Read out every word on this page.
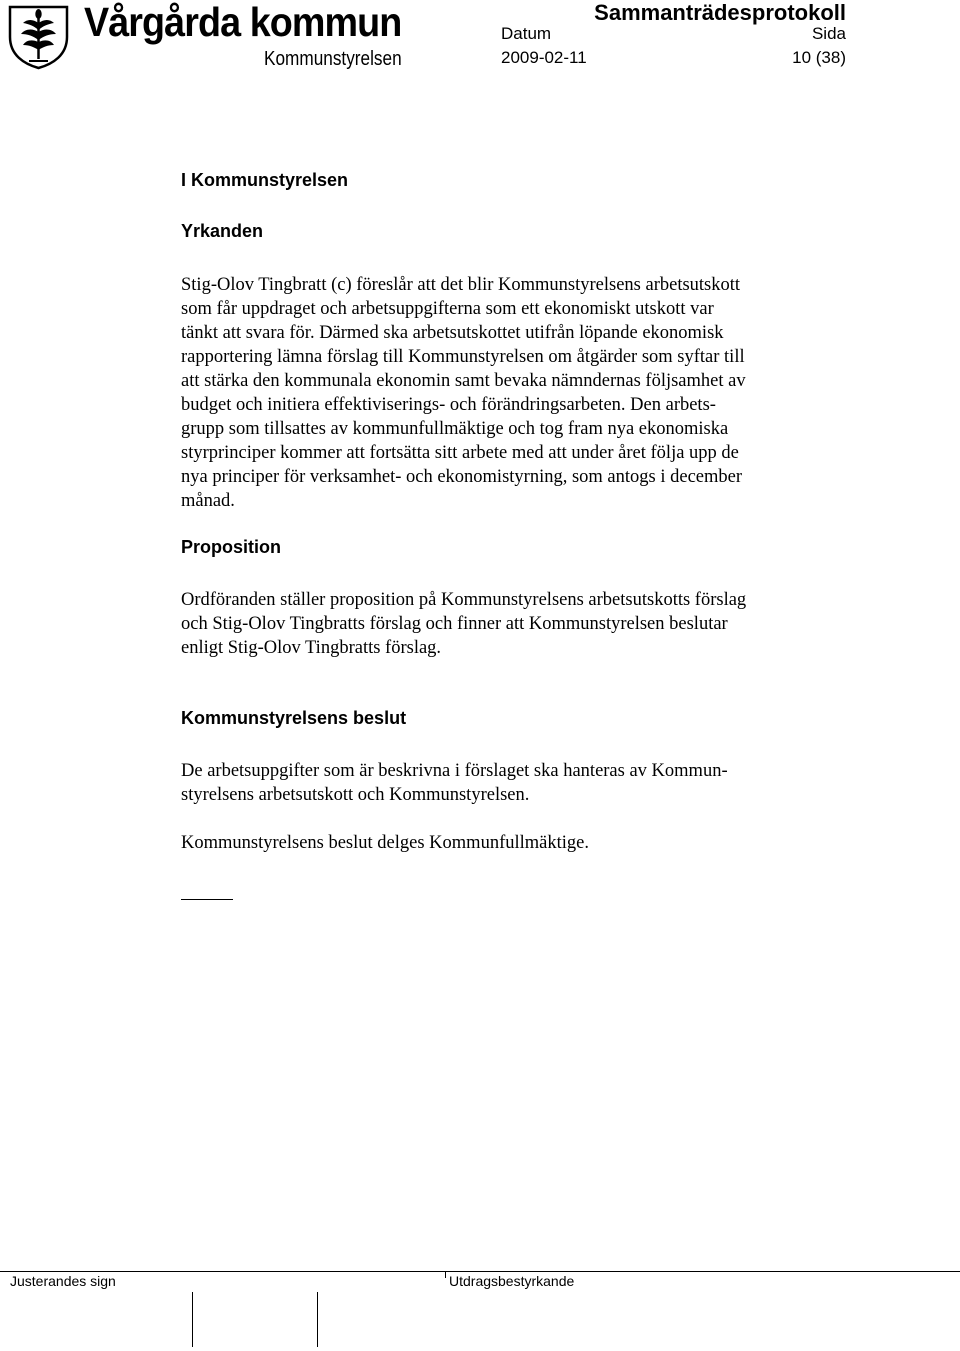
Vårgårda kommun
Kommunstyrelsen
Sammanträdesprotokoll
Datum
2009-02-11
Sida
10 (38)
I Kommunstyrelsen
Yrkanden
Stig-Olov Tingbratt (c) föreslår att det blir Kommunstyrelsens arbetsutskott
som får uppdraget och arbetsuppgifterna som ett ekonomiskt utskott var
tänkt att svara för. Därmed ska arbetsutskottet utifrån löpande ekonomisk
rapportering lämna förslag till Kommunstyrelsen om åtgärder som syftar till
att stärka den kommunala ekonomin samt bevaka nämndernas följsamhet av
budget och initiera effektiviserings- och förändringsarbeten. Den arbets-
grupp som tillsattes av kommunfullmäktige och tog fram nya ekonomiska
styrprinciper kommer att fortsätta sitt arbete med att under året följa upp de
nya principer för verksamhet- och ekonomistyrning, som antogs i december
månad.
Proposition
Ordföranden ställer proposition på Kommunstyrelsens arbetsutskotts förslag
och Stig-Olov Tingbratts förslag och finner att Kommunstyrelsen beslutar
enligt Stig-Olov Tingbratts förslag.
Kommunstyrelsens beslut
De arbetsuppgifter som är beskrivna i förslaget ska hanteras av Kommun-
styrelsens arbetsutskott och Kommunstyrelsen.
Kommunstyrelsens beslut delges Kommunfullmäktige.
Justerandes sign	Utdragsbestyrkande
